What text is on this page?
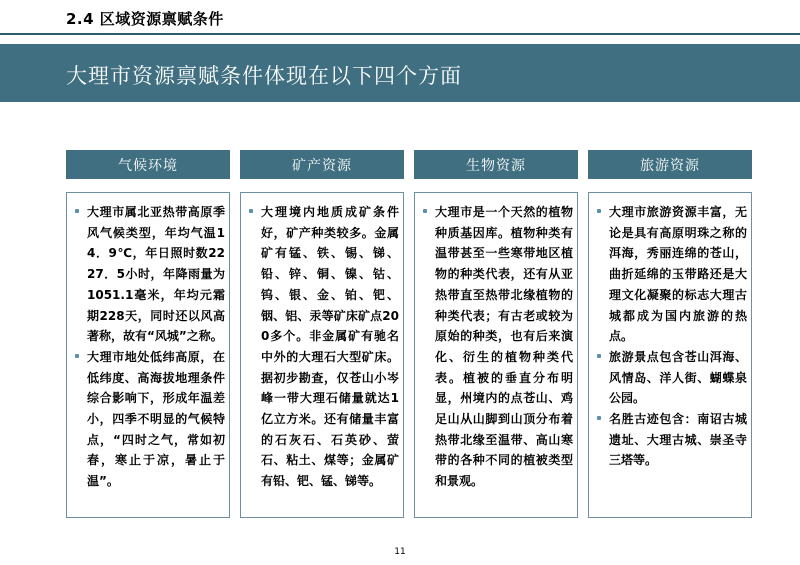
2.4 区域资源禀赋条件
大理市资源禀赋条件体现在以下四个方面
气候环境
大理市属北亚热带高原季风气候类型，年均气温14．9℃，年日照时数2227．5小时，年降雨量为1051.1毫米，年均元霜期228天，同时还以风高著称，故有“风城”之称。
大理市地处低纬高原，在低纬度、高海拔地理条件综合影响下，形成年温差小，四季不明显的气候特点，“四时之气，常如初春，寒止于凉，暑止于温”。
矿产资源
大理境内地质成矿条件好，矿产种类较多。金属矿有锰、铁、锡、锑、铅、锌、铜、镍、钴、钨、银、金、铂、钯、铟、铝、汞等矿床矿点200多个。非金属矿有驰名中外的大理石大型矿床。据初步勘查，仅苍山小岑峰一带大理石储量就达1亿立方米。还有储量丰富的石灰石、石英砂、萤石、粘土、煤等；金属矿有铅、钯、锰、锑等。
生物资源
大理市是一个天然的植物种质基因库。植物种类有温带甚至一些寒带地区植物的种类代表，还有从亚热带直至热带北缘植物的种类代表；有古老或较为原始的种类，也有后来演化、衍生的植物种类代表。植被的垂直分布明显，州境内的点苍山、鸡足山从山脚到山顶分布着热带北缘至温带、高山寒带的各种不同的植被类型和景观。
旅游资源
大理市旅游资源丰富，无论是具有高原明珠之称的洱海，秀丽连绵的苍山，曲折延绵的玉带路还是大理文化凝聚的标志大理古城都成为国内旅游的热点。
旅游景点包含苍山洱海、风情岛、洋人街、蝴蝶泉公园。
名胜古迹包含：南诏古城遗址、大理古城、崇圣寺三塔等。
11
